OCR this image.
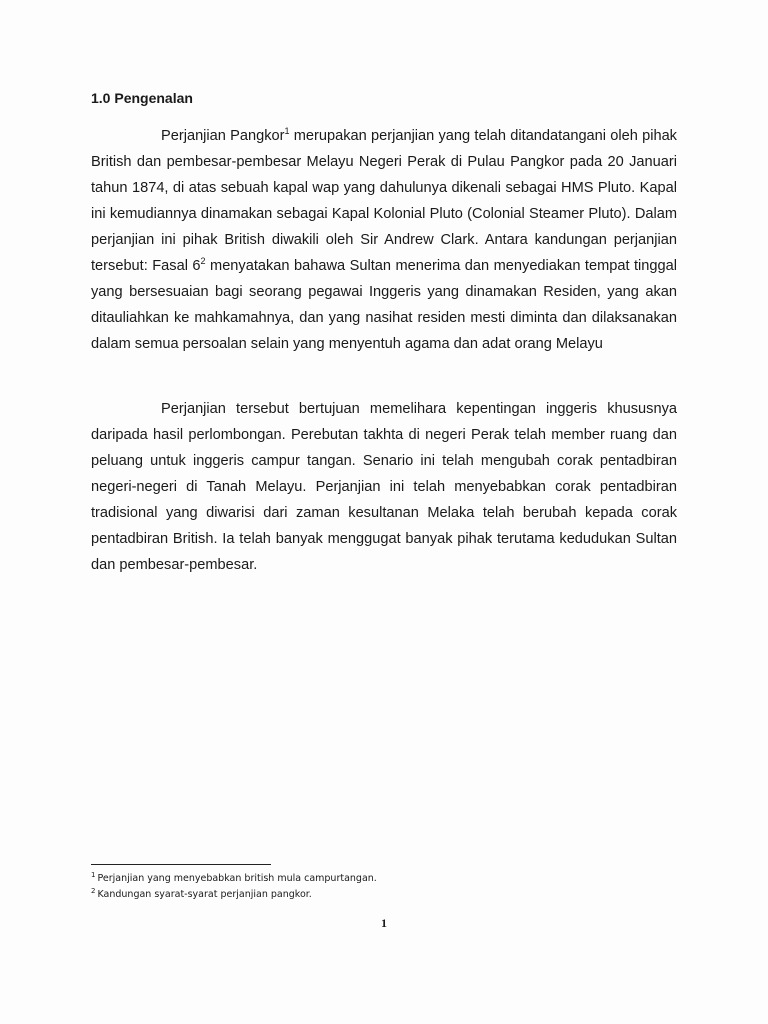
1.0 Pengenalan

Perjanjian Pangkor$^1$ merupakan perjanjian yang telah ditandatangani oleh pihak British dan pembesar-pembesar Melayu Negeri Perak di Pulau Pangkor pada 20 Januari tahun 1874, di atas sebuah kapal wap yang dahulunya dikenali sebagai HMS Pluto. Kapal ini kemudiannya dinamakan sebagai Kapal Kolonial Pluto (Colonial Steamer Pluto). Dalam perjanjian ini pihak British diwakili oleh Sir Andrew Clark. Antara kandungan perjanjian tersebut: Fasal $6^2$ menyatakan bahawa Sultan menerima dan menyediakan tempat tinggal yang bersesuaian bagi seorang pegawai Inggeris yang dinamakan Residen, yang akan ditauliahkan ke mahkamahnya, dan yang nasihat residen mesti diminta dan dilaksanakan dalam semua persoalan selain yang menyentuh agama dan adat orang Melayu

Perjanjian tersebut bertujuan memelihara kepentingan inggeris khususnya daripada hasil perlombongan. Perebutan takhta di negeri Perak telah member ruang dan peluang untuk inggeris campur tangan. Senario ini telah mengubah corak pentadbiran negeri-negeri di Tanah Melayu. Perjanjian ini telah menyebabkan corak pentadbiran tradisional yang diwarisi dari zaman kesultanan Melaka telah berubah kepada corak pentadbiran British. Ia telah banyak menggugat banyak pihak terutama kedudukan Sultan dan pembesar-pembesar.

$^1$ Perjanjian yang menyebabkan british mula campurtangan.
$^2$ Kandungan syarat-syarat perjanjian pangkor.
1
